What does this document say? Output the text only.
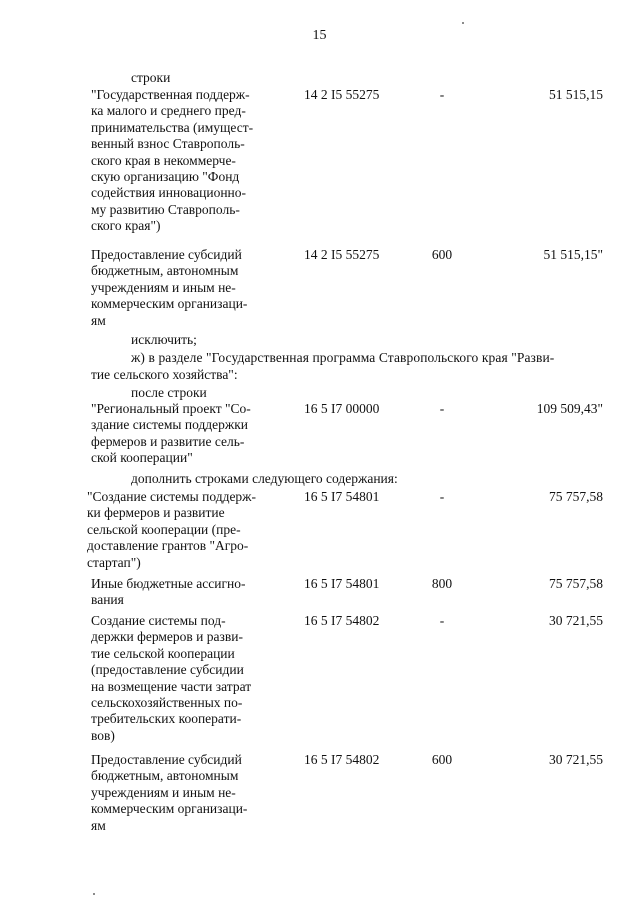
15
строки
"Государственная поддерж-
ка малого и среднего пред-
принимательства (имущест-
венный взнос Ставрополь-
ского края в некоммерче-
скую организацию "Фонд
содействия инновационно-
му развитию Ставрополь-
ского края")
14 2 I5 55275	-	51 515,15
Предоставление субсидий
бюджетным, автономным
учреждениям и иным не-
коммерческим организаци-
ям
14 2 I5 55275	600	51 515,15"
исключить;
ж) в разделе "Государственная программа Ставропольского края "Разви-
тие сельского хозяйства":
после строки
"Региональный проект "Со-
здание системы поддержки
фермеров и развитие сель-
ской кооперации"
16 5 I7 00000	-	109 509,43"
дополнить строками следующего содержания:
"Создание системы поддерж-
ки фермеров и развитие
сельской кооперации (пре-
доставление грантов "Агро-
стартап")
16 5 I7 54801	-	75 757,58
Иные бюджетные ассигно-
вания
16 5 I7 54801	800	75 757,58
Создание системы под-
держки фермеров и разви-
тие сельской кооперации
(предоставление субсидии
на возмещение части затрат
сельскохозяйственных по-
требительских кооперати-
вов)
16 5 I7 54802	-	30 721,55
Предоставление субсидий
бюджетным, автономным
учреждениям и иным не-
коммерческим организаци-
ям
16 5 I7 54802	600	30 721,55
